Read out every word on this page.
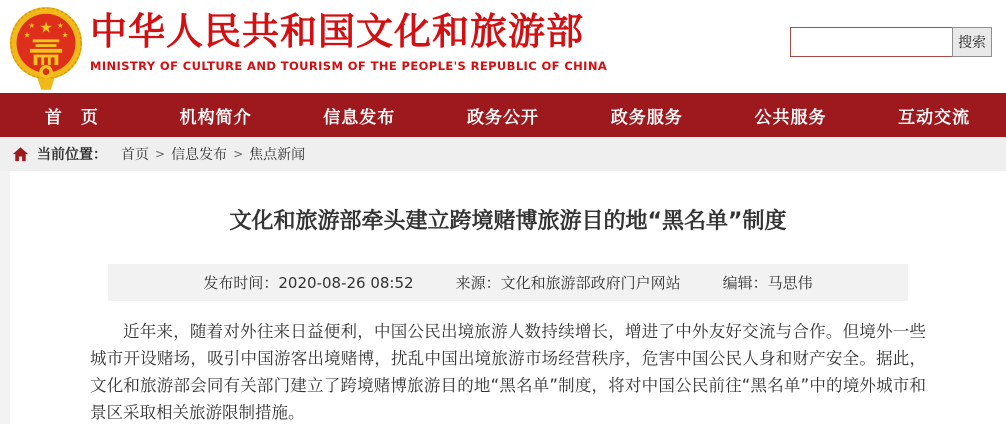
★
★	★
★	★ 中华人民共和国文化和旅游部
MINISTRY OF CULTURE AND TOURISM OF THE PEOPLE'S REPUBLIC OF CHINA
搜索
首　页	机构简介	信息发布	政务公开	政务服务	公共服务	互动交流
当前位置： 首页 > 信息发布 > 焦点新闻
文化和旅游部牵头建立跨境赌博旅游目的地“黑名单”制度
发布时间：2020-08-26 08:52	来源：文化和旅游部政府门户网站	编辑：马思伟

近年来，随着对外往来日益便利，中国公民出境旅游人数持续增长，增进了中外友好交流与合作。但境外一些城市开设赌场，吸引中国游客出境赌博，扰乱中国出境旅游市场经营秩序，危害中国公民人身和财产安全。据此，文化和旅游部会同有关部门建立了跨境赌博旅游目的地“黑名单”制度，将对中国公民前往“黑名单”中的境外城市和景区采取相关旅游限制措施。
